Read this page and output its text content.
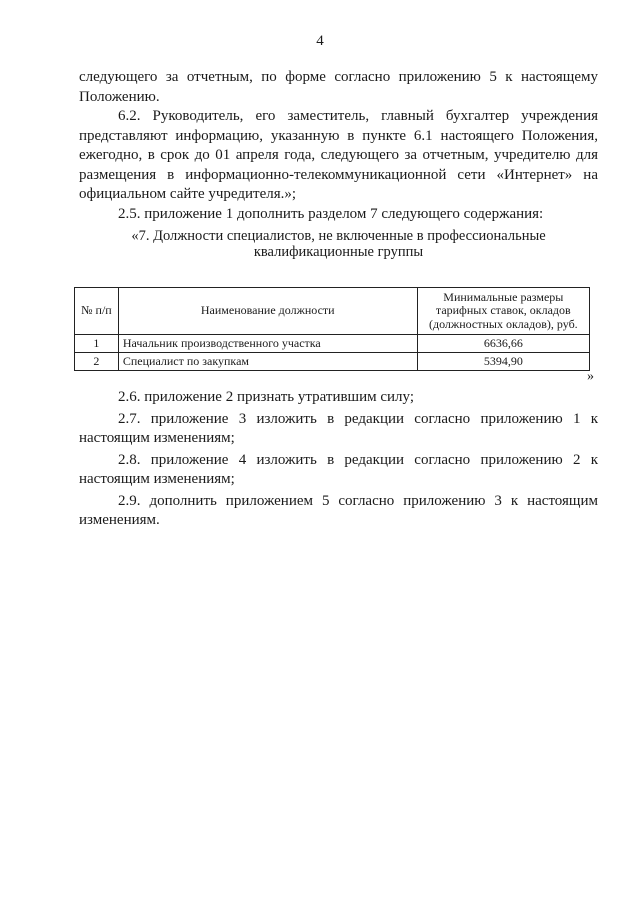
4

следующего за отчетным, по форме согласно приложению 5 к настоящему Положению.

6.2. Руководитель, его заместитель, главный бухгалтер учреждения представляют информацию, указанную в пункте 6.1 настоящего Положения, ежегодно, в срок до 01 апреля года, следующего за отчетным, учредителю для размещения в информационно-телекоммуникационной сети «Интернет» на официальном сайте учредителя.»;

2.5. приложение 1 дополнить разделом 7 следующего содержания:

«7. Должности специалистов, не включенные в профессиональные
квалификационные группы
№ п/п	Наименование должности	Минимальные размеры тарифных ставок, окладов (должностных окладов), руб.
1	Начальник производственного участка	6636,66
2	Специалист по закупкам	5394,90
»

2.6. приложение 2 признать утратившим силу;

2.7. приложение 3 изложить в редакции согласно приложению 1 к настоящим изменениям;

2.8. приложение 4 изложить в редакции согласно приложению 2 к настоящим изменениям;

2.9. дополнить приложением 5 согласно приложению 3 к настоящим изменениям.
